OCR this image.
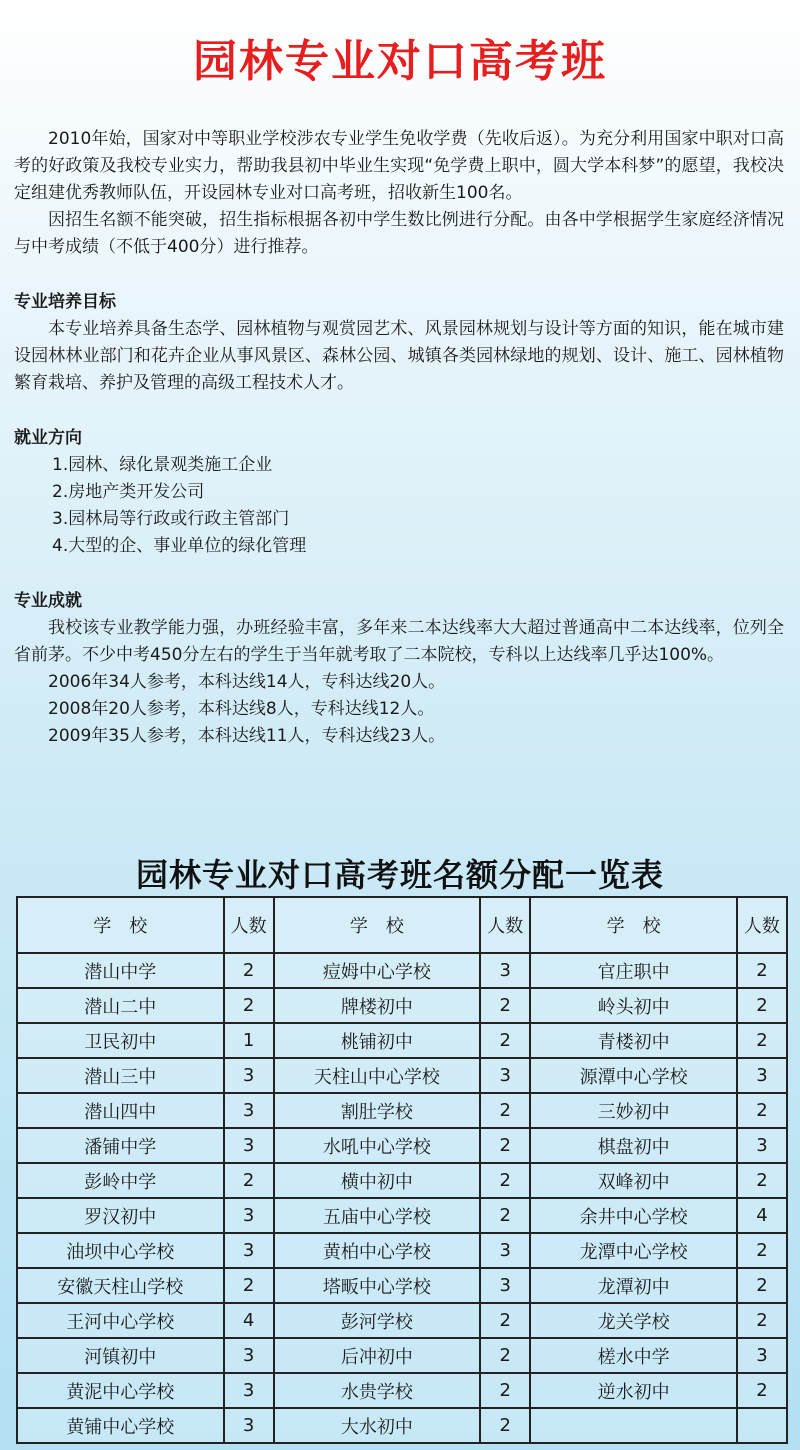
园林专业对口高考班

2010年始，国家对中等职业学校涉农专业学生免收学费（先收后返）。为充分利用国家中职对口高考的好政策及我校专业实力，帮助我县初中毕业生实现“免学费上职中，圆大学本科梦”的愿望，我校决定组建优秀教师队伍，开设园林专业对口高考班，招收新生100名。

因招生名额不能突破，招生指标根据各初中学生数比例进行分配。由各中学根据学生家庭经济情况与中考成绩（不低于400分）进行推荐。

专业培养目标

本专业培养具备生态学、园林植物与观赏园艺术、风景园林规划与设计等方面的知识，能在城市建设园林林业部门和花卉企业从事风景区、森林公园、城镇各类园林绿地的规划、设计、施工、园林植物繁育栽培、养护及管理的高级工程技术人才。

就业方向
1.园林、绿化景观类施工企业
2.房地产类开发公司
3.园林局等行政或行政主管部门
4.大型的企、事业单位的绿化管理
专业成就

我校该专业教学能力强，办班经验丰富，多年来二本达线率大大超过普通高中二本达线率，位列全省前茅。不少中考450分左右的学生于当年就考取了二本院校，专科以上达线率几乎达100%。

2006年34人参考，本科达线14人，专科达线20人。

2008年20人参考，本科达线8人，专科达线12人。

2009年35人参考，本科达线11人，专科达线23人。

园林专业对口高考班名额分配一览表
学　校	人数	学　校	人数	学　校	人数
潜山中学	2	痘姆中心学校	3	官庄职中	2
潜山二中	2	牌楼初中	2	岭头初中	2
卫民初中	1	桃铺初中	2	青楼初中	2
潜山三中	3	天柱山中心学校	3	源潭中心学校	3
潜山四中	3	割肚学校	2	三妙初中	2
潘铺中学	3	水吼中心学校	2	棋盘初中	3
彭岭中学	2	横中初中	2	双峰初中	2
罗汉初中	3	五庙中心学校	2	余井中心学校	4
油坝中心学校	3	黄柏中心学校	3	龙潭中心学校	2
安徽天柱山学校	2	塔畈中心学校	3	龙潭初中	2
王河中心学校	4	彭河学校	2	龙关学校	2
河镇初中	3	后冲初中	2	槎水中学	3
黄泥中心学校	3	水贵学校	2	逆水初中	2
黄铺中心学校	3	大水初中	2		
